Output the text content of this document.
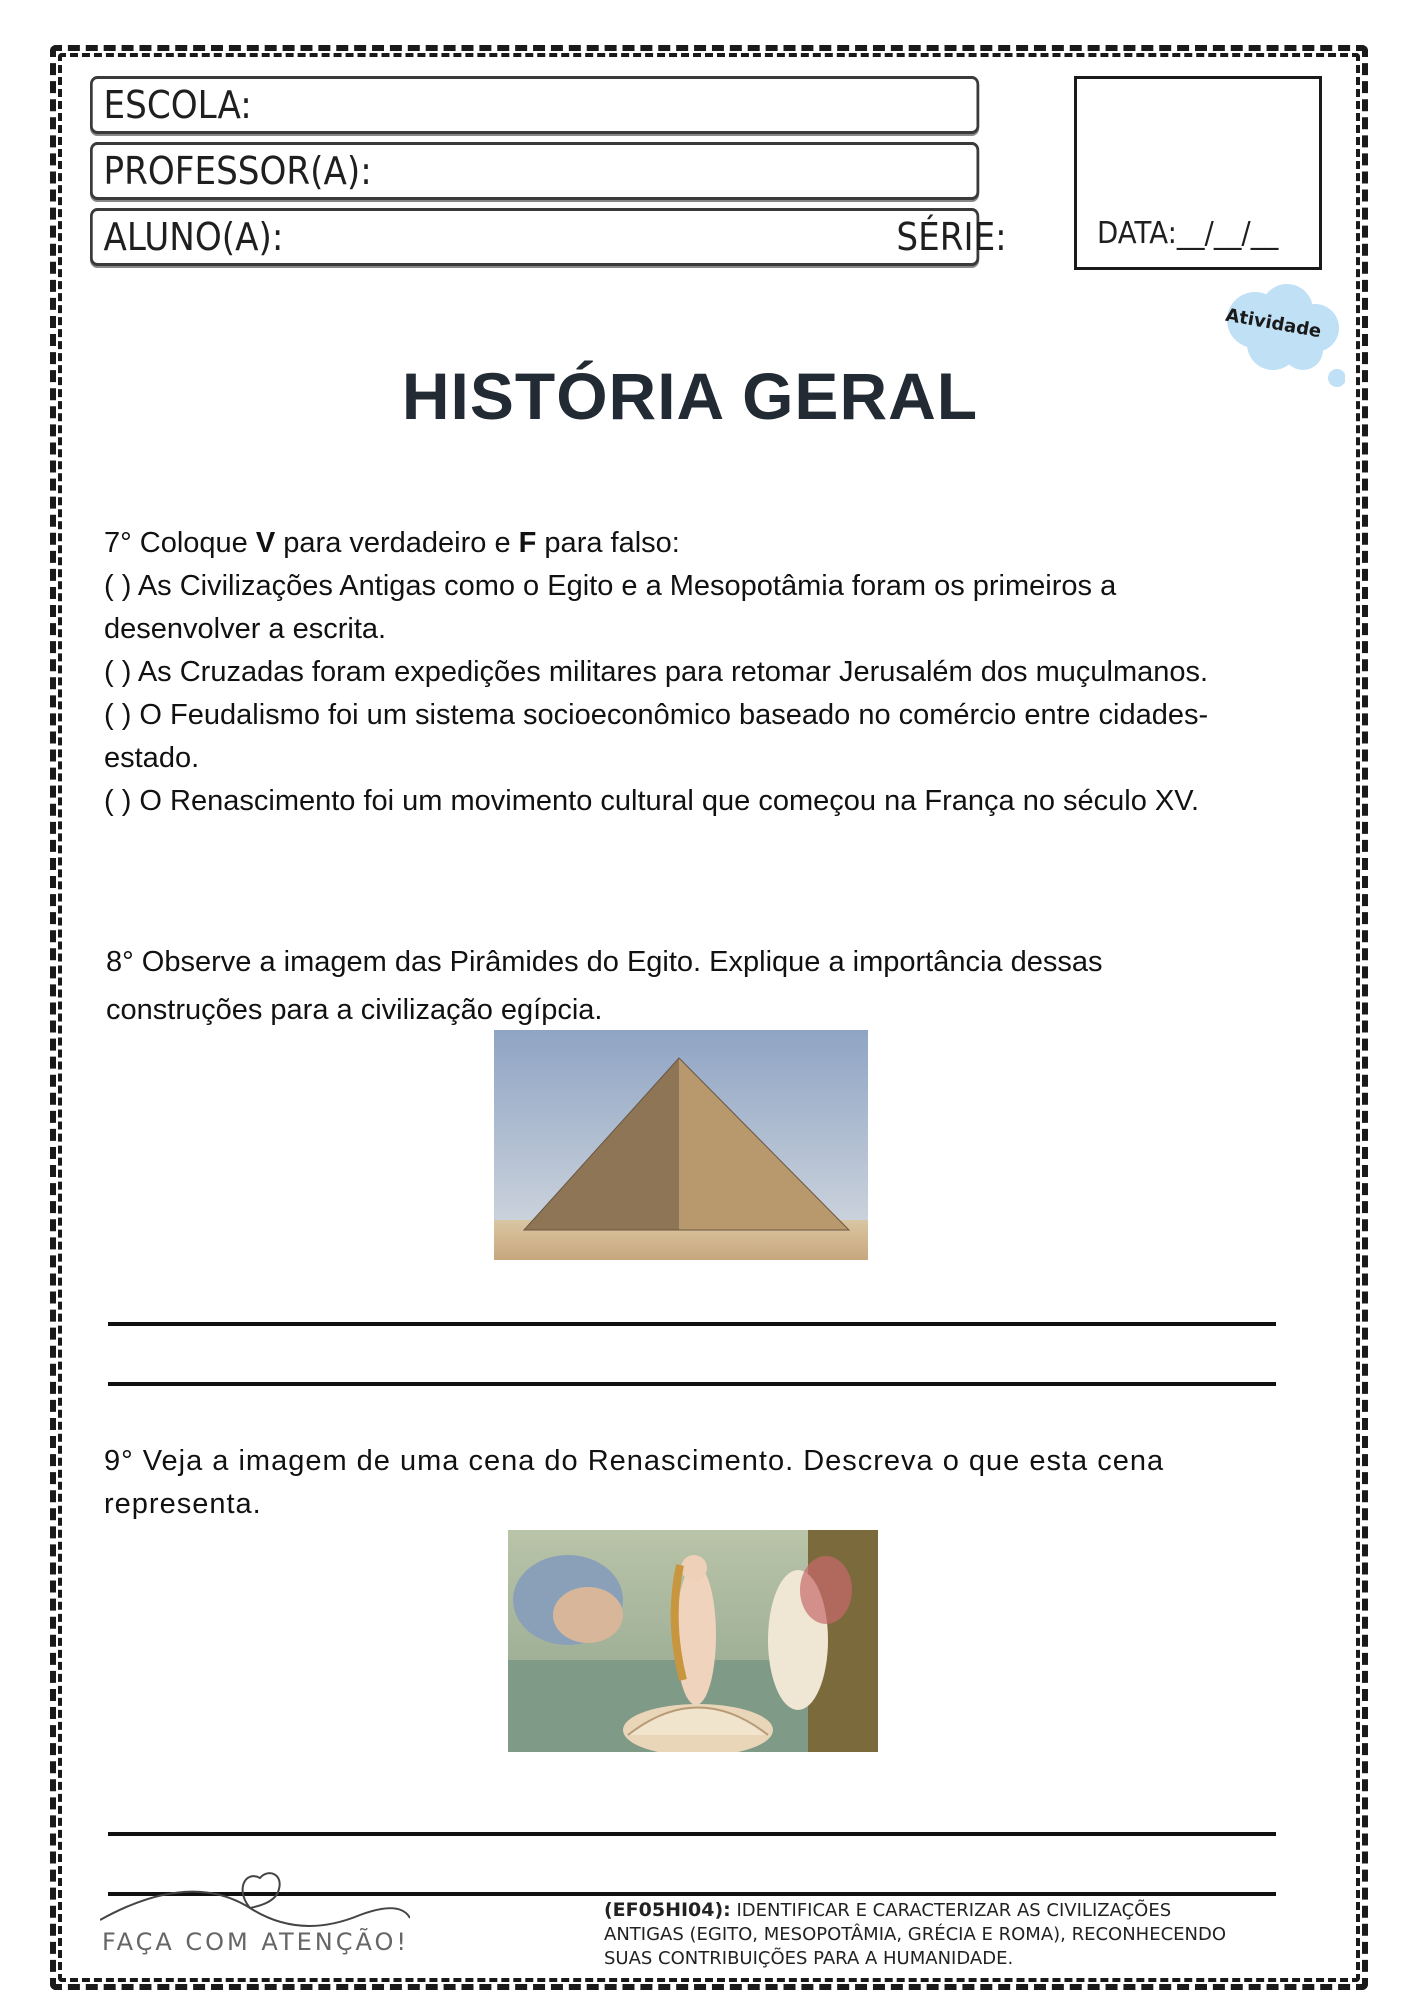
ESCOLA:
PROFESSOR(A):
ALUNO(A):	SÉRIE:	DATA:__/__/__
Atividade
HISTÓRIA GERAL
7° Coloque V para verdadeiro e F para falso:
( ) As Civilizações Antigas como o Egito e a Mesopotâmia foram os primeiros a desenvolver a escrita.
( ) As Cruzadas foram expedições militares para retomar Jerusalém dos muçulmanos.
( ) O Feudalismo foi um sistema socioeconômico baseado no comércio entre cidades-estado.
( ) O Renascimento foi um movimento cultural que começou na França no século XV.
8° Observe a imagem das Pirâmides do Egito. Explique a importância dessas construções para a civilização egípcia.
9° Veja a imagem de uma cena do Renascimento. Descreva o que esta cena representa.
FAÇA COM ATENÇÃO!
(EF05HI04): IDENTIFICAR E CARACTERIZAR AS CIVILIZAÇÕES ANTIGAS (EGITO, MESOPOTÂMIA, GRÉCIA E ROMA), RECONHECENDO SUAS CONTRIBUIÇÕES PARA A HUMANIDADE.
